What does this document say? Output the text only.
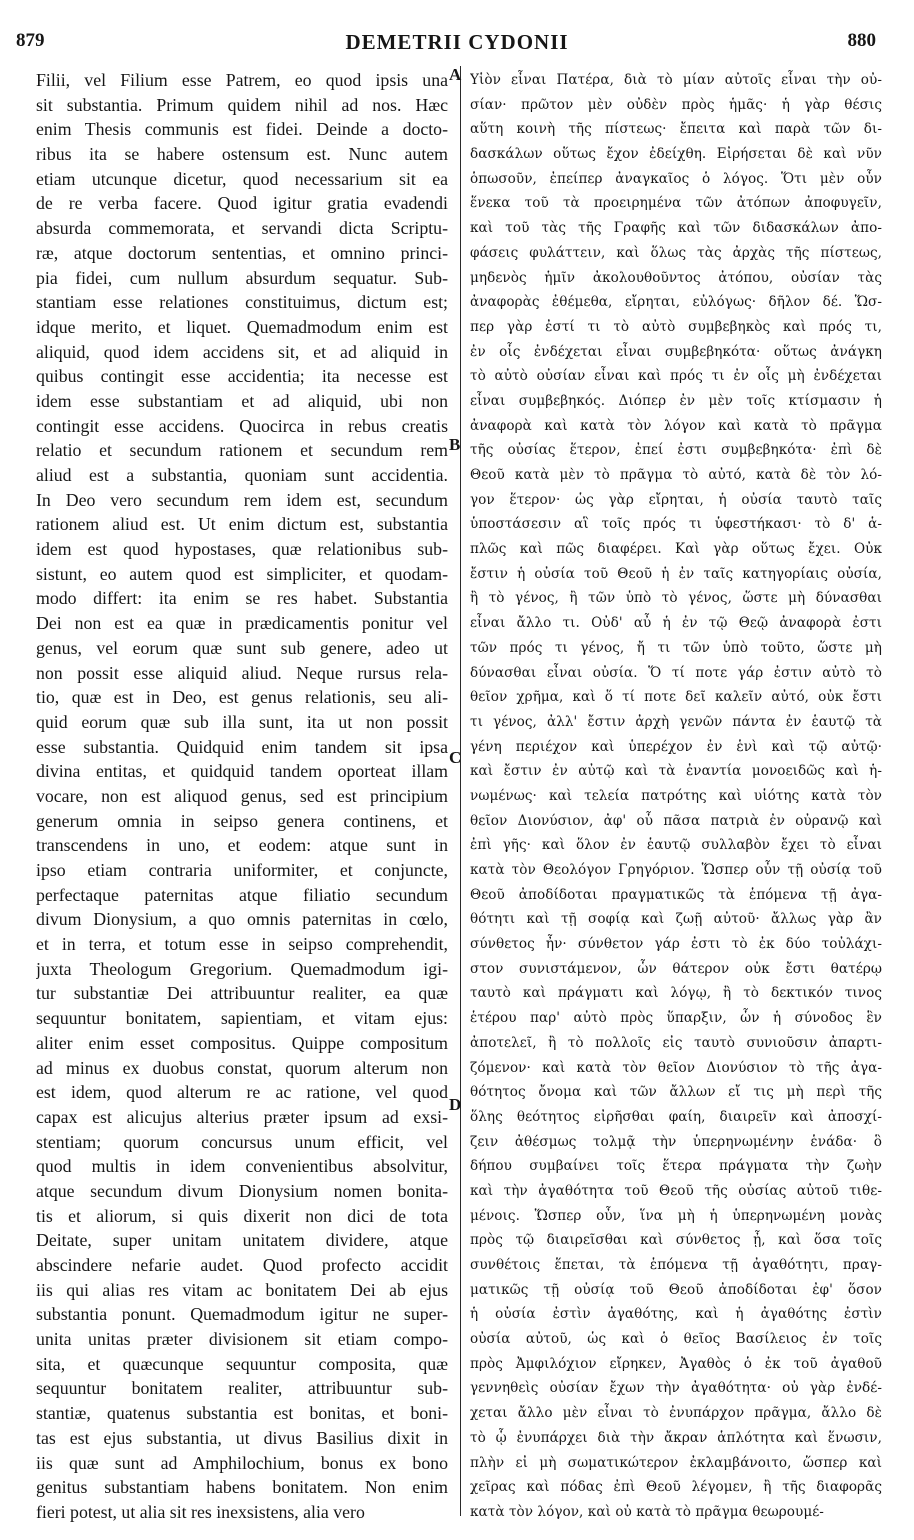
879	DEMETRII CYDONII	880
Filii, vel Filium esse Patrem, eo quod ipsis una
sit substantia. Primum quidem nihil ad nos. Hæc
enim Thesis communis est fidei. Deinde a docto-
ribus ita se habere ostensum est. Nunc autem
etiam utcunque dicetur, quod necessarium sit ea
de re verba facere. Quod igitur gratia evadendi
absurda commemorata, et servandi dicta Scriptu-
ræ, atque doctorum sententias, et omnino princi-
pia fidei, cum nullum absurdum sequatur. Sub-
stantiam esse relationes constituimus, dictum est;
idque merito, et liquet. Quemadmodum enim est
aliquid, quod idem accidens sit, et ad aliquid in
quibus contingit esse accidentia; ita necesse est
idem esse substantiam et ad aliquid, ubi non
contingit esse accidens. Quocirca in rebus creatis
relatio et secundum rationem et secundum rem
aliud est a substantia, quoniam sunt accidentia.
In Deo vero secundum rem idem est, secundum
rationem aliud est. Ut enim dictum est, substantia
idem est quod hypostases, quæ relationibus sub-
sistunt, eo autem quod est simpliciter, et quodam-
modo differt: ita enim se res habet. Substantia
Dei non est ea quæ in prædicamentis ponitur vel
genus, vel eorum quæ sunt sub genere, adeo ut
non possit esse aliquid aliud. Neque rursus rela-
tio, quæ est in Deo, est genus relationis, seu ali-
quid eorum quæ sub illa sunt, ita ut non possit
esse substantia. Quidquid enim tandem sit ipsa
divina entitas, et quidquid tandem oporteat illam
vocare, non est aliquod genus, sed est principium
generum omnia in seipso genera continens, et
transcendens in uno, et eodem: atque sunt in
ipso etiam contraria uniformiter, et conjuncte,
perfectaque paternitas atque filiatio secundum
divum Dionysium, a quo omnis paternitas in cœlo,
et in terra, et totum esse in seipso comprehendit,
juxta Theologum Gregorium. Quemadmodum igi-
tur substantiæ Dei attribuuntur realiter, ea quæ
sequuntur bonitatem, sapientiam, et vitam ejus:
aliter enim esset compositus. Quippe compositum
ad minus ex duobus constat, quorum alterum non
est idem, quod alterum re ac ratione, vel quod
capax est alicujus alterius præter ipsum ad exsi-
stentiam; quorum concursus unum efficit, vel
quod multis in idem convenientibus absolvitur,
atque secundum divum Dionysium nomen bonita-
tis et aliorum, si quis dixerit non dici de tota
Deitate, super unitam unitatem dividere, atque
abscindere nefarie audet. Quod profecto accidit
iis qui alias res vitam ac bonitatem Dei ab ejus
substantia ponunt. Quemadmodum igitur ne super-
unita unitas præter divisionem sit etiam compo-
sita, et quæcunque sequuntur composita, quæ
sequuntur bonitatem realiter, attribuuntur sub-
stantiæ, quatenus substantia est bonitas, et boni-
tas est ejus substantia, ut divus Basilius dixit in
iis quæ sunt ad Amphilochium, bonus ex bono
genitus substantiam habens bonitatem. Non enim
fieri potest, ut alia sit res inexsistens, alia vero
Υἱὸν εἶναι Πατέρα, διὰ τὸ μίαν αὐτοῖς εἶναι τὴν οὐ-
σίαν· πρῶτον μὲν οὐδὲν πρὸς ἡμᾶς· ἡ γὰρ θέσις
αὕτη κοινὴ τῆς πίστεως· ἔπειτα καὶ παρὰ τῶν δι-
δασκάλων οὕτως ἔχον ἐδείχθη. Εἰρήσεται δὲ καὶ νῦν
ὁπωσοῦν, ἐπείπερ ἀναγκαῖος ὁ λόγος. Ὅτι μὲν οὖν
ἕνεκα τοῦ τὰ προειρημένα τῶν ἀτόπων ἀποφυγεῖν,
καὶ τοῦ τὰς τῆς Γραφῆς καὶ τῶν διδασκάλων ἀπο-
φάσεις φυλάττειν, καὶ ὅλως τὰς ἀρχὰς τῆς πίστεως,
μηδενὸς ἡμῖν ἀκολουθοῦντος ἀτόπου, οὐσίαν τὰς
ἀναφορὰς ἐθέμεθα, εἴρηται, εὐλόγως· δῆλον δέ. Ὥσ-
περ γὰρ ἐστί τι τὸ αὐτὸ συμβεβηκὸς καὶ πρός τι,
ἐν οἷς ἐνδέχεται εἶναι συμβεβηκότα· οὕτως ἀνάγκη
τὸ αὐτὸ οὐσίαν εἶναι καὶ πρός τι ἐν οἷς μὴ ἐνδέχεται
εἶναι συμβεβηκός. Διόπερ ἐν μὲν τοῖς κτίσμασιν ἡ
ἀναφορὰ καὶ κατὰ τὸν λόγον καὶ κατὰ τὸ πρᾶγμα
τῆς οὐσίας ἕτερον, ἐπεί ἐστι συμβεβηκότα· ἐπὶ δὲ
Θεοῦ κατὰ μὲν τὸ πρᾶγμα τὸ αὐτό, κατὰ δὲ τὸν λό-
γον ἕτερον· ὡς γὰρ εἴρηται, ἡ οὐσία ταυτὸ ταῖς
ὑποστάσεσιν αἳ τοῖς πρός τι ὑφεστήκασι· τὸ δ' ἁ-
πλῶς καὶ πῶς διαφέρει. Καὶ γὰρ οὕτως ἔχει. Οὐκ
ἔστιν ἡ οὐσία τοῦ Θεοῦ ἡ ἐν ταῖς κατηγορίαις οὐσία,
ἢ τὸ γένος, ἢ τῶν ὑπὸ τὸ γένος, ὥστε μὴ δύνασθαι
εἶναι ἄλλο τι. Οὐδ' αὖ ἡ ἐν τῷ Θεῷ ἀναφορὰ ἐστι
τῶν πρός τι γένος, ἤ τι τῶν ὑπὸ τοῦτο, ὥστε μὴ
δύνασθαι εἶναι οὐσία. Ὅ τί ποτε γάρ ἐστιν αὐτὸ τὸ
θεῖον χρῆμα, καὶ ὅ τί ποτε δεῖ καλεῖν αὐτό, οὐκ ἔστι
τι γένος, ἀλλ' ἔστιν ἀρχὴ γενῶν πάντα ἐν ἑαυτῷ τὰ
γένη περιέχον καὶ ὑπερέχον ἐν ἑνὶ καὶ τῷ αὐτῷ·
καὶ ἔστιν ἐν αὐτῷ καὶ τὰ ἐναντία μονοειδῶς καὶ ἡ-
νωμένως· καὶ τελεία πατρότης καὶ υἱότης κατὰ τὸν
θεῖον Διονύσιον, ἀφ' οὗ πᾶσα πατριὰ ἐν οὐρανῷ καὶ
ἐπὶ γῆς· καὶ ὅλον ἐν ἑαυτῷ συλλαβὸν ἔχει τὸ εἶναι
κατὰ τὸν Θεολόγον Γρηγόριον. Ὥσπερ οὖν τῇ οὐσίᾳ τοῦ
Θεοῦ ἀποδίδοται πραγματικῶς τὰ ἑπόμενα τῇ ἀγα-
θότητι καὶ τῇ σοφίᾳ καὶ ζωῇ αὐτοῦ· ἄλλως γὰρ ἂν
σύνθετος ἦν· σύνθετον γάρ ἐστι τὸ ἐκ δύο τοὐλάχι-
στον συνιστάμενον, ὧν θάτερον οὐκ ἔστι θατέρῳ
ταυτὸ καὶ πράγματι καὶ λόγῳ, ἢ τὸ δεκτικόν τινος
ἑτέρου παρ' αὐτὸ πρὸς ὕπαρξιν, ὧν ἡ σύνοδος ἓν
ἀποτελεῖ, ἢ τὸ πολλοῖς εἰς ταυτὸ συνιοῦσιν ἀπαρτι-
ζόμενον· καὶ κατὰ τὸν θεῖον Διονύσιον τὸ τῆς ἀγα-
θότητος ὄνομα καὶ τῶν ἄλλων εἴ τις μὴ περὶ τῆς
ὅλης θεότητος εἰρῆσθαι φαίη, διαιρεῖν καὶ ἀποσχί-
ζειν ἀθέσμως τολμᾷ τὴν ὑπερηνωμένην ἑνάδα· ὃ
δήπου συμβαίνει τοῖς ἕτερα πράγματα τὴν ζωὴν
καὶ τὴν ἀγαθότητα τοῦ Θεοῦ τῆς οὐσίας αὐτοῦ τιθε-
μένοις. Ὥσπερ οὖν, ἵνα μὴ ἡ ὑπερηνωμένη μονὰς
πρὸς τῷ διαιρεῖσθαι καὶ σύνθετος ᾖ, καὶ ὅσα τοῖς
συνθέτοις ἕπεται, τὰ ἑπόμενα τῇ ἀγαθότητι, πραγ-
ματικῶς τῇ οὐσίᾳ τοῦ Θεοῦ ἀποδίδοται ἐφ' ὅσον
ἡ οὐσία ἐστὶν ἀγαθότης, καὶ ἡ ἀγαθότης ἐστὶν
οὐσία αὐτοῦ, ὡς καὶ ὁ θεῖος Βασίλειος ἐν τοῖς
πρὸς Ἀμφιλόχιον εἴρηκεν, Ἀγαθὸς ὁ ἐκ τοῦ ἀγαθοῦ
γεννηθεὶς οὐσίαν ἔχων τὴν ἀγαθότητα· οὐ γὰρ ἐνδέ-
χεται ἄλλο μὲν εἶναι τὸ ἐνυπάρχον πρᾶγμα, ἄλλο δὲ
τὸ ᾧ ἐνυπάρχει διὰ τὴν ἄκραν ἁπλότητα καὶ ἕνωσιν,
πλὴν εἰ μὴ σωματικώτερον ἐκλαμβάνοιτο, ὥσπερ καὶ
χεῖρας καὶ πόδας ἐπὶ Θεοῦ λέγομεν, ἢ τῆς διαφορᾶς
κατὰ τὸν λόγον, καὶ οὐ κατὰ τὸ πρᾶγμα θεωρουμέ-
A
B
C
D
